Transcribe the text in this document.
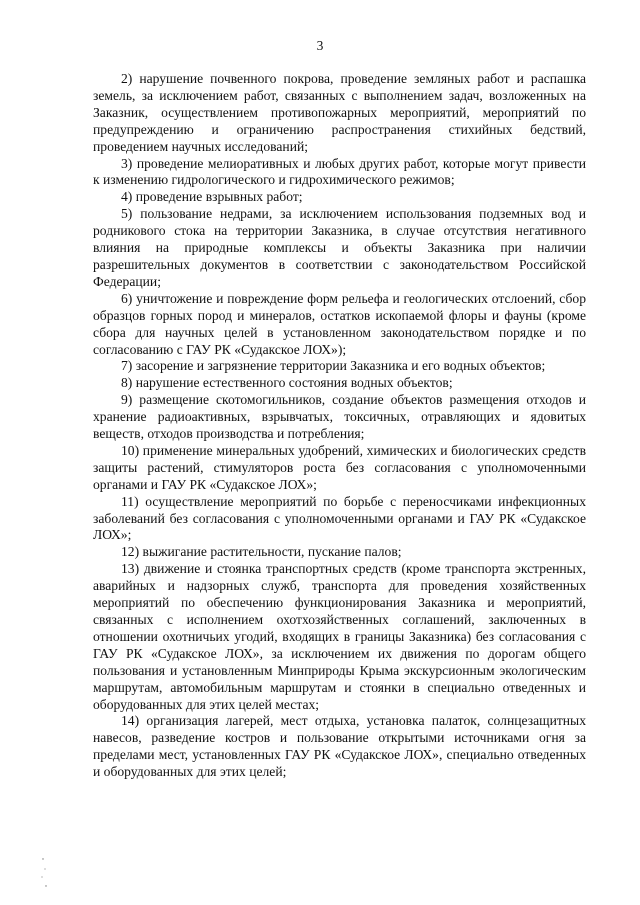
3

2) нарушение почвенного покрова, проведение земляных работ и распашка земель, за исключением работ, связанных с выполнением задач, возложенных на Заказник, осуществлением противопожарных мероприятий, мероприятий по предупреждению и ограничению распространения стихийных бедствий, проведением научных исследований;

3) проведение мелиоративных и любых других работ, которые могут привести к изменению гидрологического и гидрохимического режимов;

4) проведение взрывных работ;

5) пользование недрами, за исключением использования подземных вод и родникового стока на территории Заказника, в случае отсутствия негативного влияния на природные комплексы и объекты Заказника при наличии разрешительных документов в соответствии с законодательством Российской Федерации;

6) уничтожение и повреждение форм рельефа и геологических отслоений, сбор образцов горных пород и минералов, остатков ископаемой флоры и фауны (кроме сбора для научных целей в установленном законодательством порядке и по согласованию с ГАУ РК «Судакское ЛОХ»);

7) засорение и загрязнение территории Заказника и его водных объектов;

8) нарушение естественного состояния водных объектов;

9) размещение скотомогильников, создание объектов размещения отходов и хранение радиоактивных, взрывчатых, токсичных, отравляющих и ядовитых веществ, отходов производства и потребления;

10) применение минеральных удобрений, химических и биологических средств защиты растений, стимуляторов роста без согласования с уполномоченными органами и ГАУ РК «Судакское ЛОХ»;

11) осуществление мероприятий по борьбе с переносчиками инфекционных заболеваний без согласования с уполномоченными органами и ГАУ РК «Судакское ЛОХ»;

12) выжигание растительности, пускание палов;

13) движение и стоянка транспортных средств (кроме транспорта экстренных, аварийных и надзорных служб, транспорта для проведения хозяйственных мероприятий по обеспечению функционирования Заказника и мероприятий, связанных с исполнением охотхозяйственных соглашений, заключенных в отношении охотничьих угодий, входящих в границы Заказника) без согласования с ГАУ РК «Судакское ЛОХ», за исключением их движения по дорогам общего пользования и установленным Минприроды Крыма экскурсионным экологическим маршрутам, автомобильным маршрутам и стоянки в специально отведенных и оборудованных для этих целей местах;

14) организация лагерей, мест отдыха, установка палаток, солнцезащитных навесов, разведение костров и пользование открытыми источниками огня за пределами мест, установленных ГАУ РК «Судакское ЛОХ», специально отведенных и оборудованных для этих целей;
